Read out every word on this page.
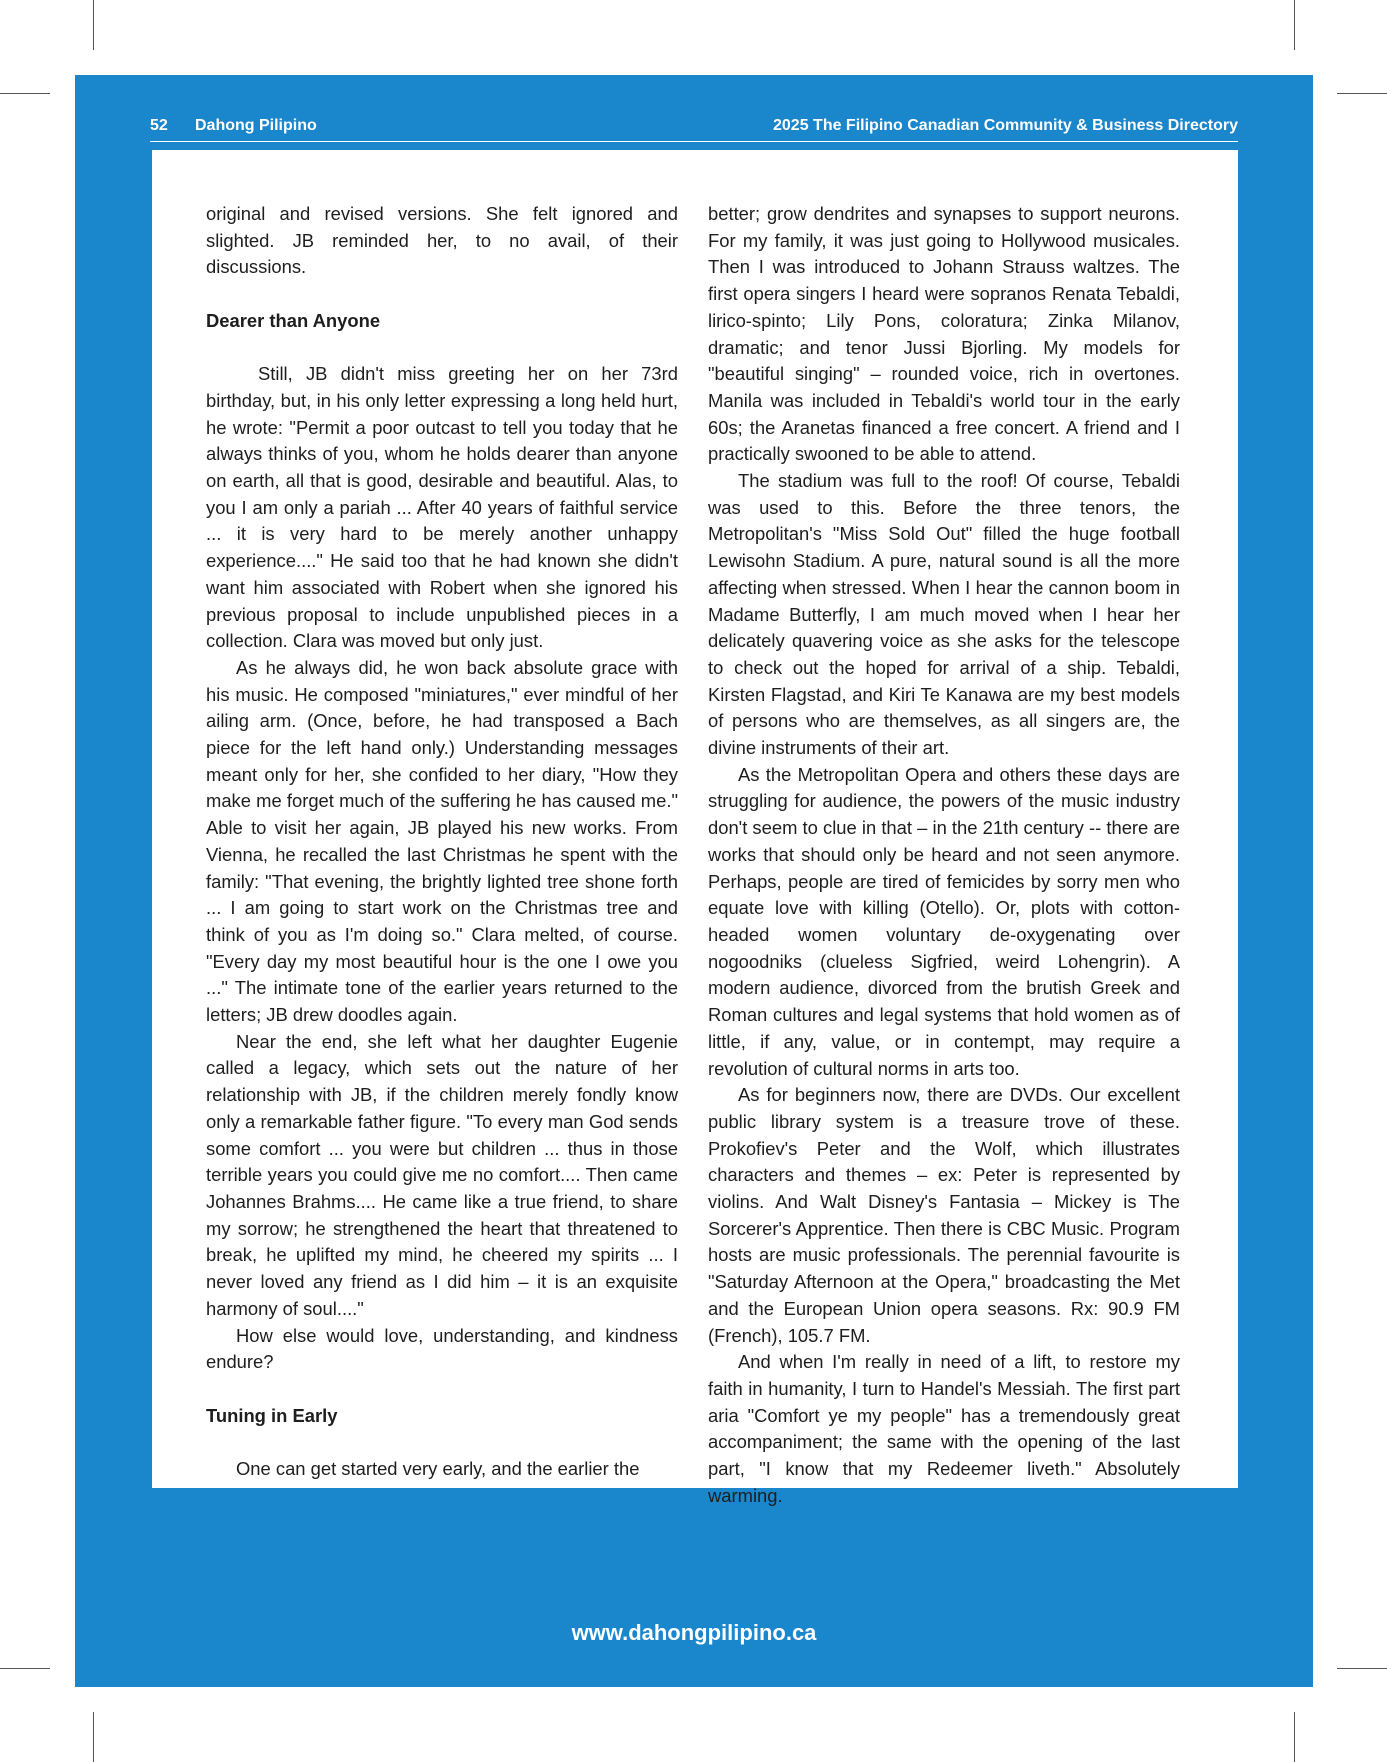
52 Dahong Pilipino	2025 The Filipino Canadian Community & Business Directory
www.dahongpilipino.ca

original and revised versions. She felt ignored and slighted. JB reminded her, to no avail, of their discussions.

Dearer than Anyone

Still, JB didn't miss greeting her on her 73rd birthday, but, in his only letter expressing a long held hurt, he wrote: "Permit a poor outcast to tell you today that he always thinks of you, whom he holds dearer than anyone on earth, all that is good, desirable and beautiful. Alas, to you I am only a pariah ... After 40 years of faithful service ... it is very hard to be merely another unhappy experience...." He said too that he had known she didn't want him associated with Robert when she ignored his previous proposal to include unpublished pieces in a collection. Clara was moved but only just.

As he always did, he won back absolute grace with his music. He composed "miniatures," ever mindful of her ailing arm. (Once, before, he had transposed a Bach piece for the left hand only.) Understanding messages meant only for her, she confided to her diary, "How they make me forget much of the suffering he has caused me." Able to visit her again, JB played his new works. From Vienna, he recalled the last Christmas he spent with the family: "That evening, the brightly lighted tree shone forth ... I am going to start work on the Christmas tree and think of you as I'm doing so." Clara melted, of course. "Every day my most beautiful hour is the one I owe you ..." The intimate tone of the earlier years returned to the letters; JB drew doodles again.

Near the end, she left what her daughter Eugenie called a legacy, which sets out the nature of her relationship with JB, if the children merely fondly know only a remarkable father figure. "To every man God sends some comfort ... you were but children ... thus in those terrible years you could give me no comfort.... Then came Johannes Brahms.... He came like a true friend, to share my sorrow; he strengthened the heart that threatened to break, he uplifted my mind, he cheered my spirits ... I never loved any friend as I did him – it is an exquisite harmony of soul...."

How else would love, understanding, and kindness endure?

Tuning in Early

One can get started very early, and the earlier the

better; grow dendrites and synapses to support neurons. For my family, it was just going to Hollywood musicales. Then I was introduced to Johann Strauss waltzes. The first opera singers I heard were sopranos Renata Tebaldi, lirico-spinto; Lily Pons, coloratura; Zinka Milanov, dramatic; and tenor Jussi Bjorling. My models for "beautiful singing" – rounded voice, rich in overtones. Manila was included in Tebaldi's world tour in the early 60s; the Aranetas financed a free concert. A friend and I practically swooned to be able to attend.

The stadium was full to the roof! Of course, Tebaldi was used to this. Before the three tenors, the Metropolitan's "Miss Sold Out" filled the huge football Lewisohn Stadium. A pure, natural sound is all the more affecting when stressed. When I hear the cannon boom in Madame Butterfly, I am much moved when I hear her delicately quavering voice as she asks for the telescope to check out the hoped for arrival of a ship. Tebaldi, Kirsten Flagstad, and Kiri Te Kanawa are my best models of persons who are themselves, as all singers are, the divine instruments of their art.

As the Metropolitan Opera and others these days are struggling for audience, the powers of the music industry don't seem to clue in that – in the 21th century -- there are works that should only be heard and not seen anymore. Perhaps, people are tired of femicides by sorry men who equate love with killing (Otello). Or, plots with cotton-headed women voluntary de-oxygenating over nogoodniks (clueless Sigfried, weird Lohengrin). A modern audience, divorced from the brutish Greek and Roman cultures and legal systems that hold women as of little, if any, value, or in contempt, may require a revolution of cultural norms in arts too.

As for beginners now, there are DVDs. Our excellent public library system is a treasure trove of these. Prokofiev's Peter and the Wolf, which illustrates characters and themes – ex: Peter is represented by violins. And Walt Disney's Fantasia – Mickey is The Sorcerer's Apprentice. Then there is CBC Music. Program hosts are music professionals. The perennial favourite is "Saturday Afternoon at the Opera," broadcasting the Met and the European Union opera seasons. Rx: 90.9 FM (French), 105.7 FM.

And when I'm really in need of a lift, to restore my faith in humanity, I turn to Handel's Messiah. The first part aria "Comfort ye my people" has a tremendously great accompaniment; the same with the opening of the last part, "I know that my Redeemer liveth." Absolutely warming.
